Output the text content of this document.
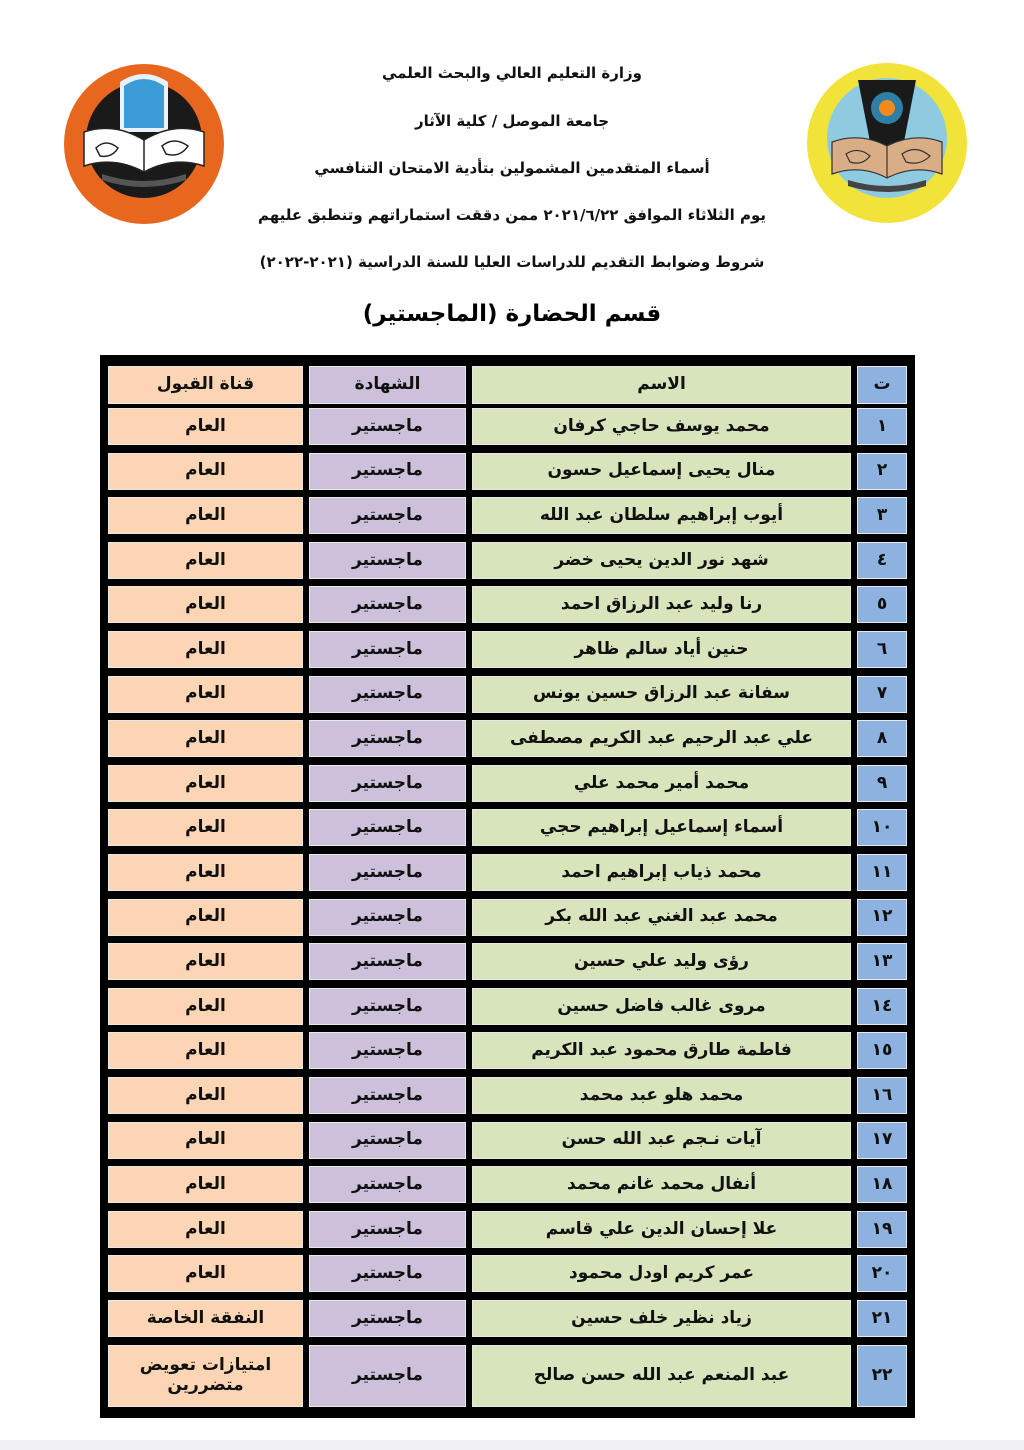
وزارة التعليم العالي والبحث العلمي
جامعة الموصل / كلية الآثار
أسماء المتقدمين المشمولين بتأدية الامتحان التنافسي
يوم الثلاثاء الموافق ٢٠٢١/٦/٢٢ ممن دققت استماراتهم وتنطبق عليهم
شروط وضوابط التقديم للدراسات العليا للسنة الدراسية (٢٠٢١-٢٠٢٢)
قسم الحضارة (الماجستير)
ت
الاسم
الشهادة
قناة القبول
١
محمد يوسف حاجي كرفان
ماجستير
العام
٢
منال يحيى إسماعيل حسون
ماجستير
العام
٣
أيوب إبراهيم سلطان عبد الله
ماجستير
العام
٤
شهد نور الدين يحيى خضر
ماجستير
العام
٥
رنا وليد عبد الرزاق احمد
ماجستير
العام
٦
حنين أياد سالم ظاهر
ماجستير
العام
٧
سفانة عبد الرزاق حسين يونس
ماجستير
العام
٨
علي عبد الرحيم عبد الكريم مصطفى
ماجستير
العام
٩
محمد أمير محمد علي
ماجستير
العام
١٠
أسماء إسماعيل إبراهيم حجي
ماجستير
العام
١١
محمد ذياب إبراهيم احمد
ماجستير
العام
١٢
محمد عبد الغني عبد الله بكر
ماجستير
العام
١٣
رؤى وليد علي حسين
ماجستير
العام
١٤
مروى غالب فاضل حسين
ماجستير
العام
١٥
فاطمة طارق محمود عبد الكريم
ماجستير
العام
١٦
محمد هلو عبد محمد
ماجستير
العام
١٧
آيات نـجم عبد الله حسن
ماجستير
العام
١٨
أنفال محمد غانم محمد
ماجستير
العام
١٩
علا إحسان الدين علي قاسم
ماجستير
العام
٢٠
عمر كريم اودل محمود
ماجستير
العام
٢١
زياد نظير خلف حسين
ماجستير
النفقة الخاصة
٢٢
عبد المنعم عبد الله حسن صالح
ماجستير
امتيازات تعويض متضررين
